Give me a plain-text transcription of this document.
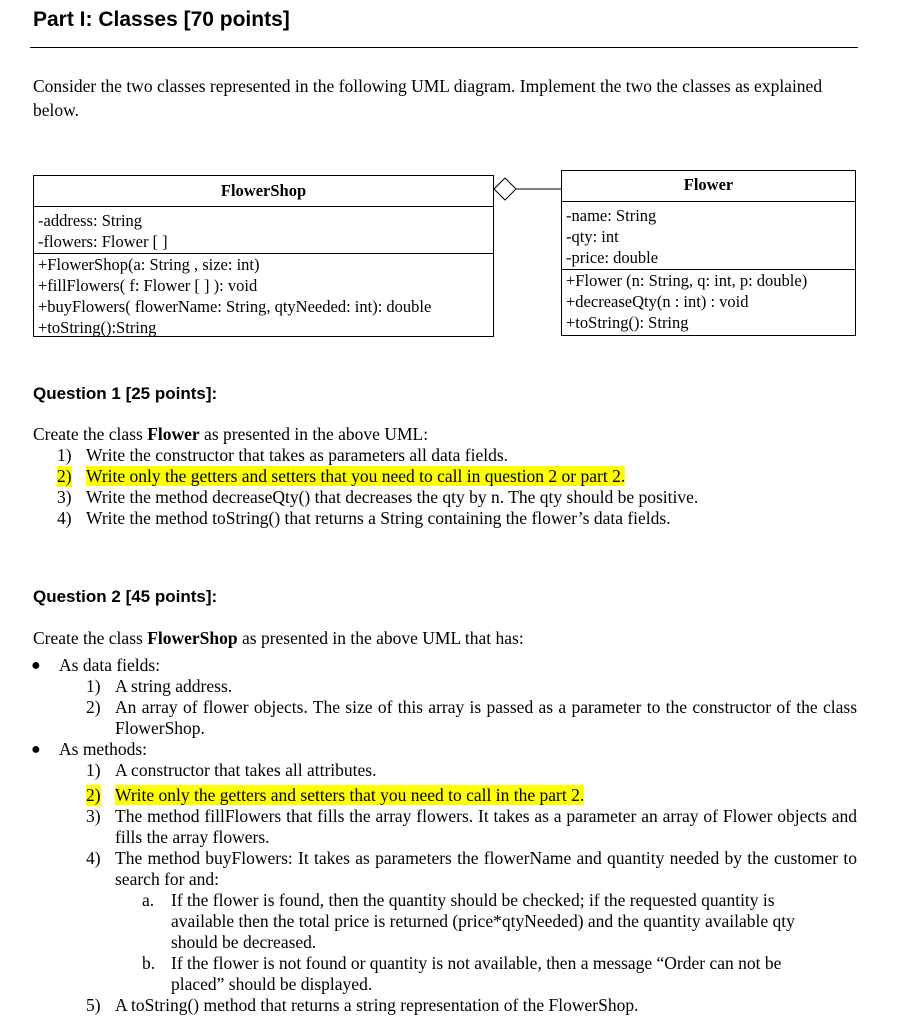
Part I: Classes [70 points]
Consider the two classes represented in the following UML diagram. Implement the two the classes as explained below.
FlowerShop
-address: String
-flowers: Flower [ ]
+FlowerShop(a: String , size: int)
+fillFlowers( f: Flower [ ] ): void
+buyFlowers( flowerName: String, qtyNeeded: int): double
+toString():String
Flower
-name: String
-qty: int
-price: double
+Flower (n: String, q: int, p: double)
+decreaseQty(n : int) : void
+toString(): String
Question 1 [25 points]:
Create the class Flower as presented in the above UML:
1) Write the constructor that takes as parameters all data fields.
2) Write only the getters and setters that you need to call in question 2 or part 2.
3) Write the method decreaseQty() that decreases the qty by n. The qty should be positive.
4) Write the method toString() that returns a String containing the flower’s data fields.
Question 2 [45 points]:
Create the class FlowerShop as presented in the above UML that has:
● As data fields:
1) A string address.
2) An array of flower objects. The size of this array is passed as a parameter to the constructor of the class FlowerShop.
● As methods:
1) A constructor that takes all attributes.
2) Write only the getters and setters that you need to call in the part 2.
3) The method fillFlowers that fills the array flowers. It takes as a parameter an array of Flower objects and fills the array flowers.
4) The method buyFlowers: It takes as parameters the flowerName and quantity needed by the customer to search for and:
a. If the flower is found, then the quantity should be checked; if the requested quantity is available then the total price is returned (price*qtyNeeded) and the quantity available qty should be decreased.
b. If the flower is not found or quantity is not available, then a message “Order can not be placed” should be displayed.
5) A toString() method that returns a string representation of the FlowerShop.
